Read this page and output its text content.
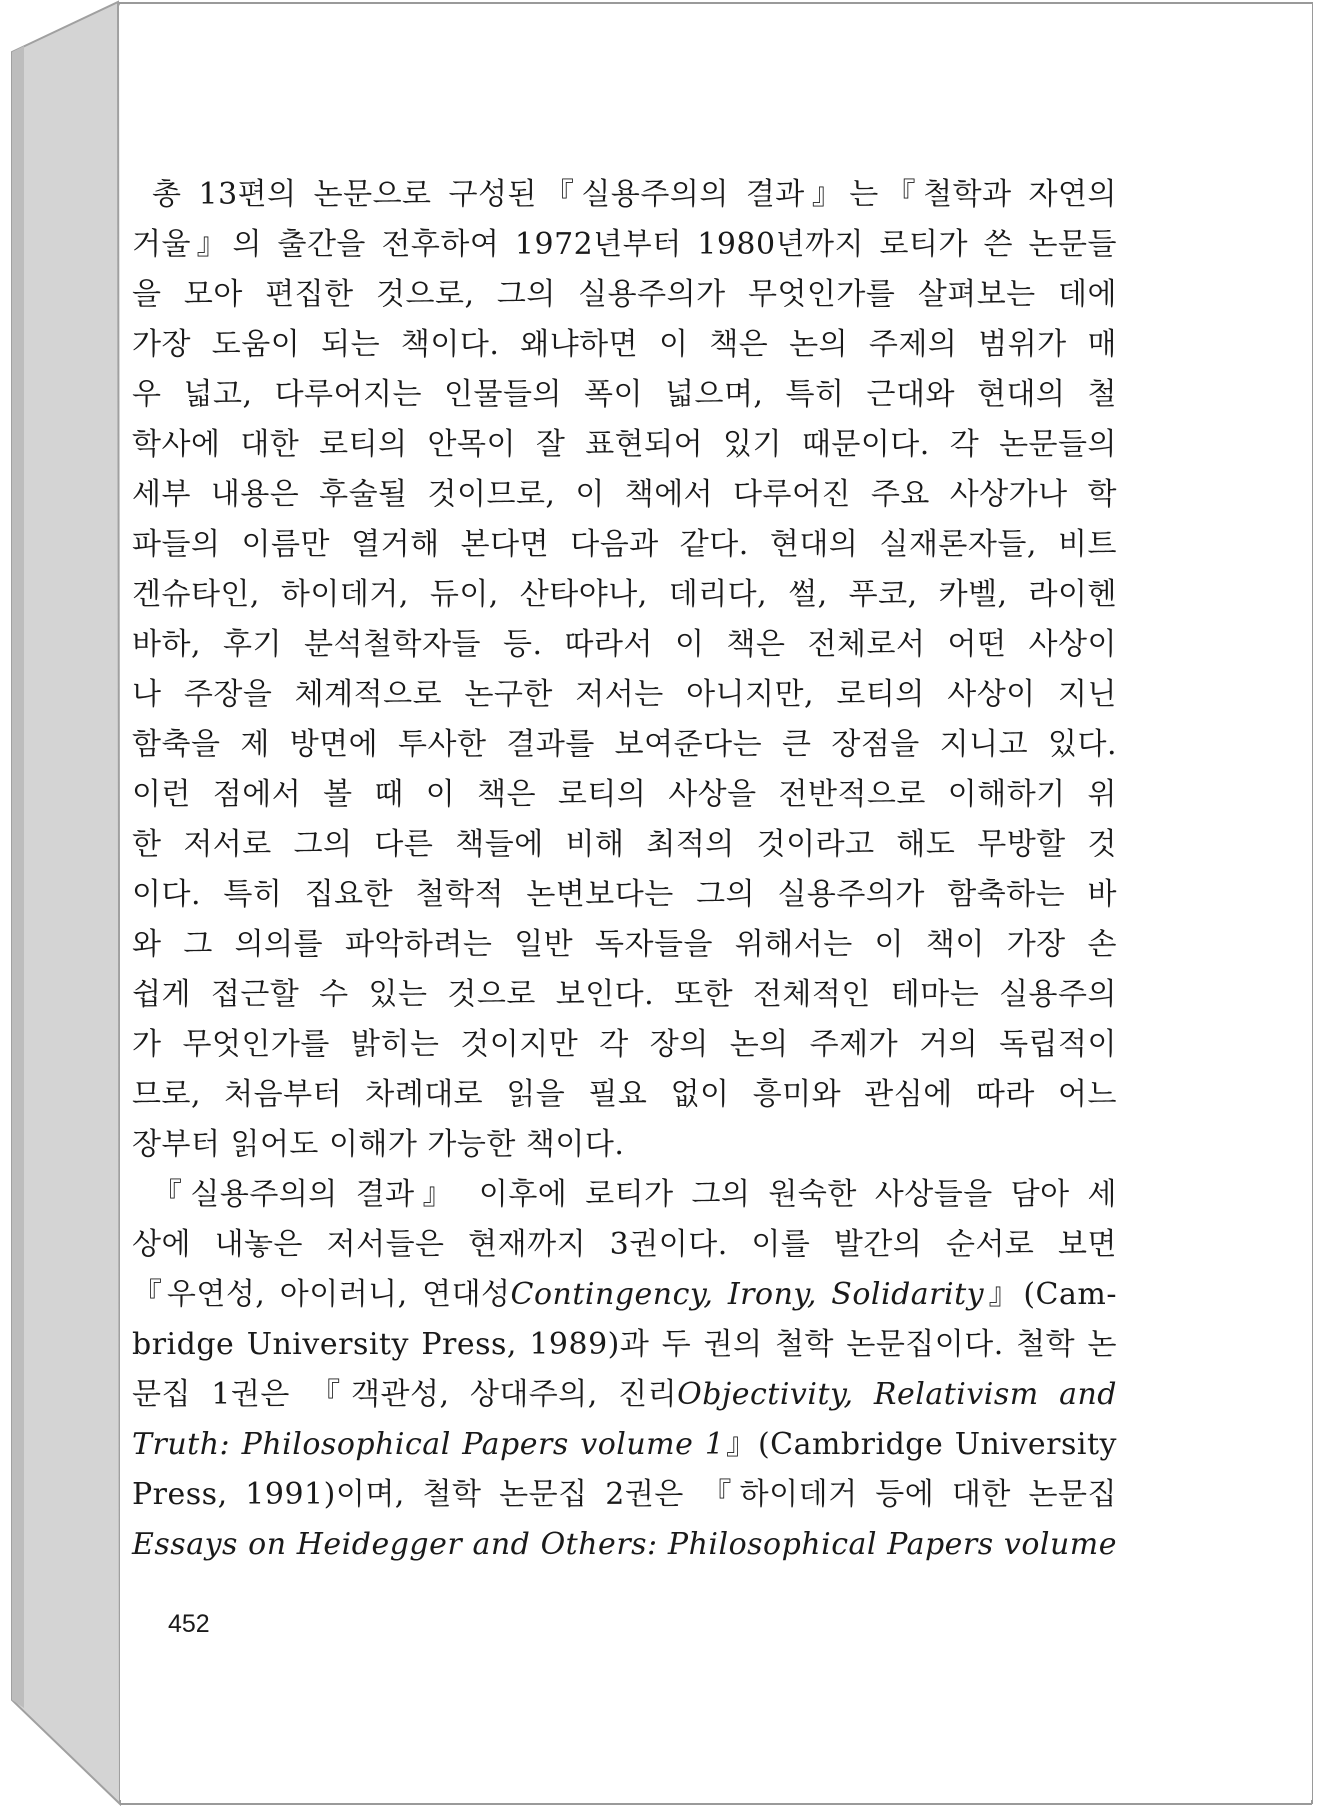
총 13편의 논문으로 구성된『실용주의의 결과』는『철학과 자연의
거울』의 출간을 전후하여 1972년부터 1980년까지 로티가 쓴 논문들
을 모아 편집한 것으로, 그의 실용주의가 무엇인가를 살펴보는 데에
가장 도움이 되는 책이다. 왜냐하면 이 책은 논의 주제의 범위가 매
우 넓고, 다루어지는 인물들의 폭이 넓으며, 특히 근대와 현대의 철
학사에 대한 로티의 안목이 잘 표현되어 있기 때문이다. 각 논문들의
세부 내용은 후술될 것이므로, 이 책에서 다루어진 주요 사상가나 학
파들의 이름만 열거해 본다면 다음과 같다. 현대의 실재론자들, 비트
겐슈타인, 하이데거, 듀이, 산타야나, 데리다, 썰, 푸코, 카벨, 라이헨
바하, 후기 분석철학자들 등. 따라서 이 책은 전체로서 어떤 사상이
나 주장을 체계적으로 논구한 저서는 아니지만, 로티의 사상이 지닌
함축을 제 방면에 투사한 결과를 보여준다는 큰 장점을 지니고 있다.
이런 점에서 볼 때 이 책은 로티의 사상을 전반적으로 이해하기 위
한 저서로 그의 다른 책들에 비해 최적의 것이라고 해도 무방할 것
이다. 특히 집요한 철학적 논변보다는 그의 실용주의가 함축하는 바
와 그 의의를 파악하려는 일반 독자들을 위해서는 이 책이 가장 손
쉽게 접근할 수 있는 것으로 보인다. 또한 전체적인 테마는 실용주의
가 무엇인가를 밝히는 것이지만 각 장의 논의 주제가 거의 독립적이
므로, 처음부터 차례대로 읽을 필요 없이 흥미와 관심에 따라 어느
장부터 읽어도 이해가 가능한 책이다.
『실용주의의 결과』 이후에 로티가 그의 원숙한 사상들을 담아 세
상에 내놓은 저서들은 현재까지 3권이다. 이를 발간의 순서로 보면
『우연성, 아이러니, 연대성Contingency, Irony, Solidarity』(Cam-
bridge University Press, 1989)과 두 권의 철학 논문집이다. 철학 논
문집 1권은 『객관성, 상대주의, 진리Objectivity, Relativism and
Truth: Philosophical Papers volume 1』(Cambridge University
Press, 1991)이며, 철학 논문집 2권은 『하이데거 등에 대한 논문집
Essays on Heidegger and Others: Philosophical Papers volume
452
